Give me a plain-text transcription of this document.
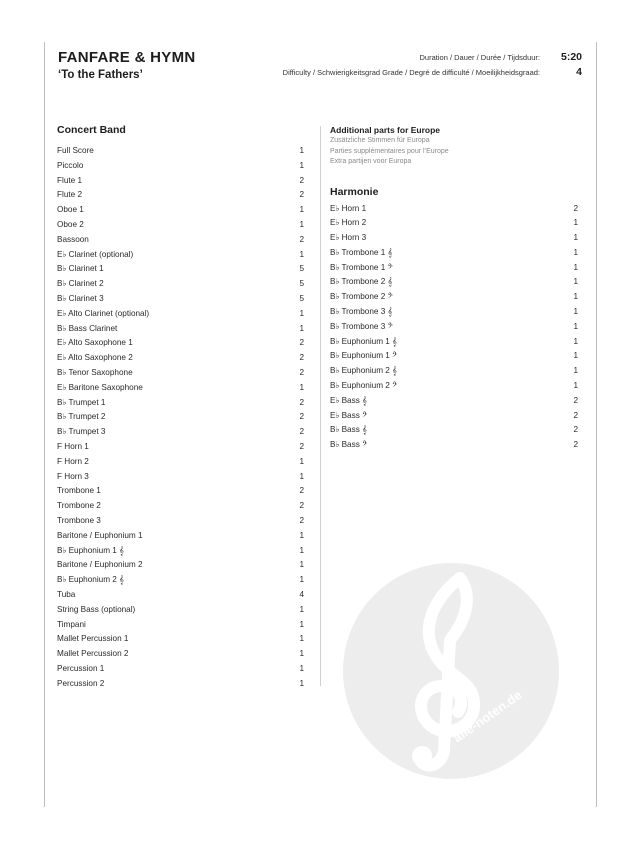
FANFARE & HYMN
‘To the Fathers’
Duration / Dauer / Durée / Tijdsduur:	5:20
Difficulty / Schwierigkeitsgrad Grade / Degré de difficulté / Moeilijkheidsgraad:	4
Concert Band
Full Score	1
Piccolo	1
Flute 1	2
Flute 2	2
Oboe 1	1
Oboe 2	1
Bassoon	2
E♭ Clarinet (optional)	1
B♭ Clarinet 1	5
B♭ Clarinet 2	5
B♭ Clarinet 3	5
E♭ Alto Clarinet (optional)	1
B♭ Bass Clarinet	1
E♭ Alto Saxophone 1	2
E♭ Alto Saxophone 2	2
B♭ Tenor Saxophone	2
E♭ Baritone Saxophone	1
B♭ Trumpet 1	2
B♭ Trumpet 2	2
B♭ Trumpet 3	2
F Horn 1	2
F Horn 2	1
F Horn 3	1
Trombone 1	2
Trombone 2	2
Trombone 3	2
Baritone / Euphonium 1	1
B♭ Euphonium 1 𝄞	1
Baritone / Euphonium 2	1
B♭ Euphonium 2 𝄞	1
Tuba	4
String Bass (optional)	1
Timpani	1
Mallet Percussion 1	1
Mallet Percussion 2	1
Percussion 1	1
Percussion 2	1
Additional parts for Europe
Zusätzliche Stimmen für Europa
Parties supplémentaires pour l’Europe
Extra partijen voor Europa
Harmonie
E♭ Horn 1	2
E♭ Horn 2	1
E♭ Horn 3	1
B♭ Trombone 1 𝄞	1
B♭ Trombone 1 𝄢	1
B♭ Trombone 2 𝄞	1
B♭ Trombone 2 𝄢	1
B♭ Trombone 3 𝄞	1
B♭ Trombone 3 𝄢	1
B♭ Euphonium 1 𝄞	1
B♭ Euphonium 1 𝄢	1
B♭ Euphonium 2 𝄞	1
B♭ Euphonium 2 𝄢	1
E♭ Bass 𝄞	2
E♭ Bass 𝄢	2
B♭ Bass 𝄞	2
B♭ Bass 𝄢	2
alle-noten.de
